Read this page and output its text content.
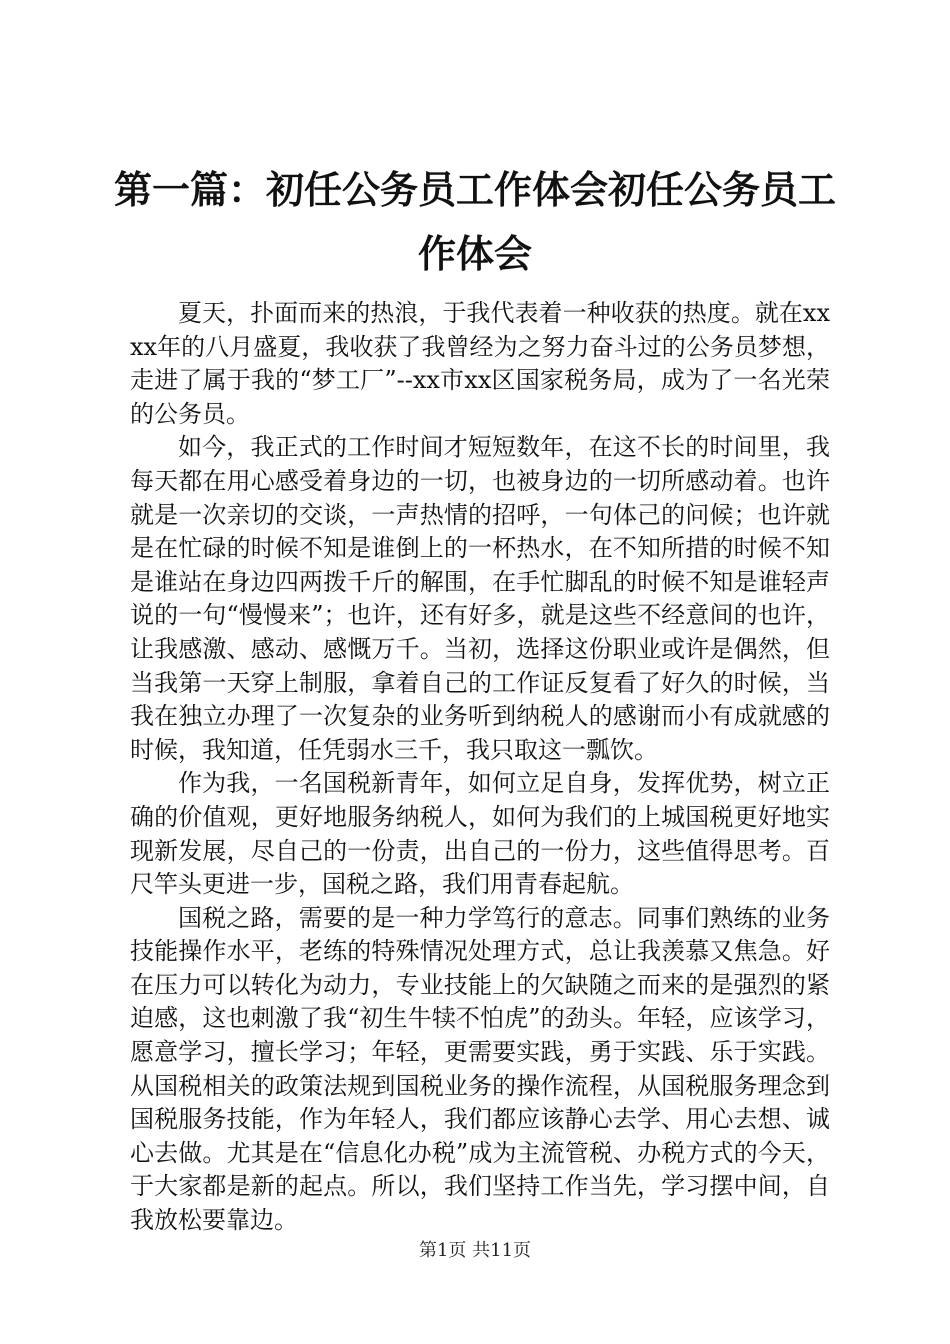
第一篇：初任公务员工作体会初任公务员工作体会

夏天，扑面而来的热浪，于我代表着一种收获的热度。就在xxxx年的八月盛夏，我收获了我曾经为之努力奋斗过的公务员梦想，走进了属于我的“梦工厂”--xx市xx区国家税务局，成为了一名光荣的公务员。

如今，我正式的工作时间才短短数年，在这不长的时间里，我每天都在用心感受着身边的一切，也被身边的一切所感动着。也许就是一次亲切的交谈，一声热情的招呼，一句体己的问候；也许就是在忙碌的时候不知是谁倒上的一杯热水，在不知所措的时候不知是谁站在身边四两拨千斤的解围，在手忙脚乱的时候不知是谁轻声说的一句“慢慢来”；也许，还有好多，就是这些不经意间的也许，让我感激、感动、感慨万千。当初，选择这份职业或许是偶然，但当我第一天穿上制服，拿着自己的工作证反复看了好久的时候，当我在独立办理了一次复杂的业务听到纳税人的感谢而小有成就感的时候，我知道，任凭弱水三千，我只取这一瓢饮。

作为我，一名国税新青年，如何立足自身，发挥优势，树立正确的价值观，更好地服务纳税人，如何为我们的上城国税更好地实现新发展，尽自己的一份责，出自己的一份力，这些值得思考。百尺竿头更进一步，国税之路，我们用青春起航。

国税之路，需要的是一种力学笃行的意志。同事们熟练的业务技能操作水平，老练的特殊情况处理方式，总让我羡慕又焦急。好在压力可以转化为动力，专业技能上的欠缺随之而来的是强烈的紧迫感，这也刺激了我“初生牛犊不怕虎”的劲头。年轻，应该学习，愿意学习，擅长学习；年轻，更需要实践，勇于实践、乐于实践。从国税相关的政策法规到国税业务的操作流程，从国税服务理念到国税服务技能，作为年轻人，我们都应该静心去学、用心去想、诚心去做。尤其是在“信息化办税”成为主流管税、办税方式的今天，于大家都是新的起点。所以，我们坚持工作当先，学习摆中间，自我放松要靠边。

第1页 共11页
